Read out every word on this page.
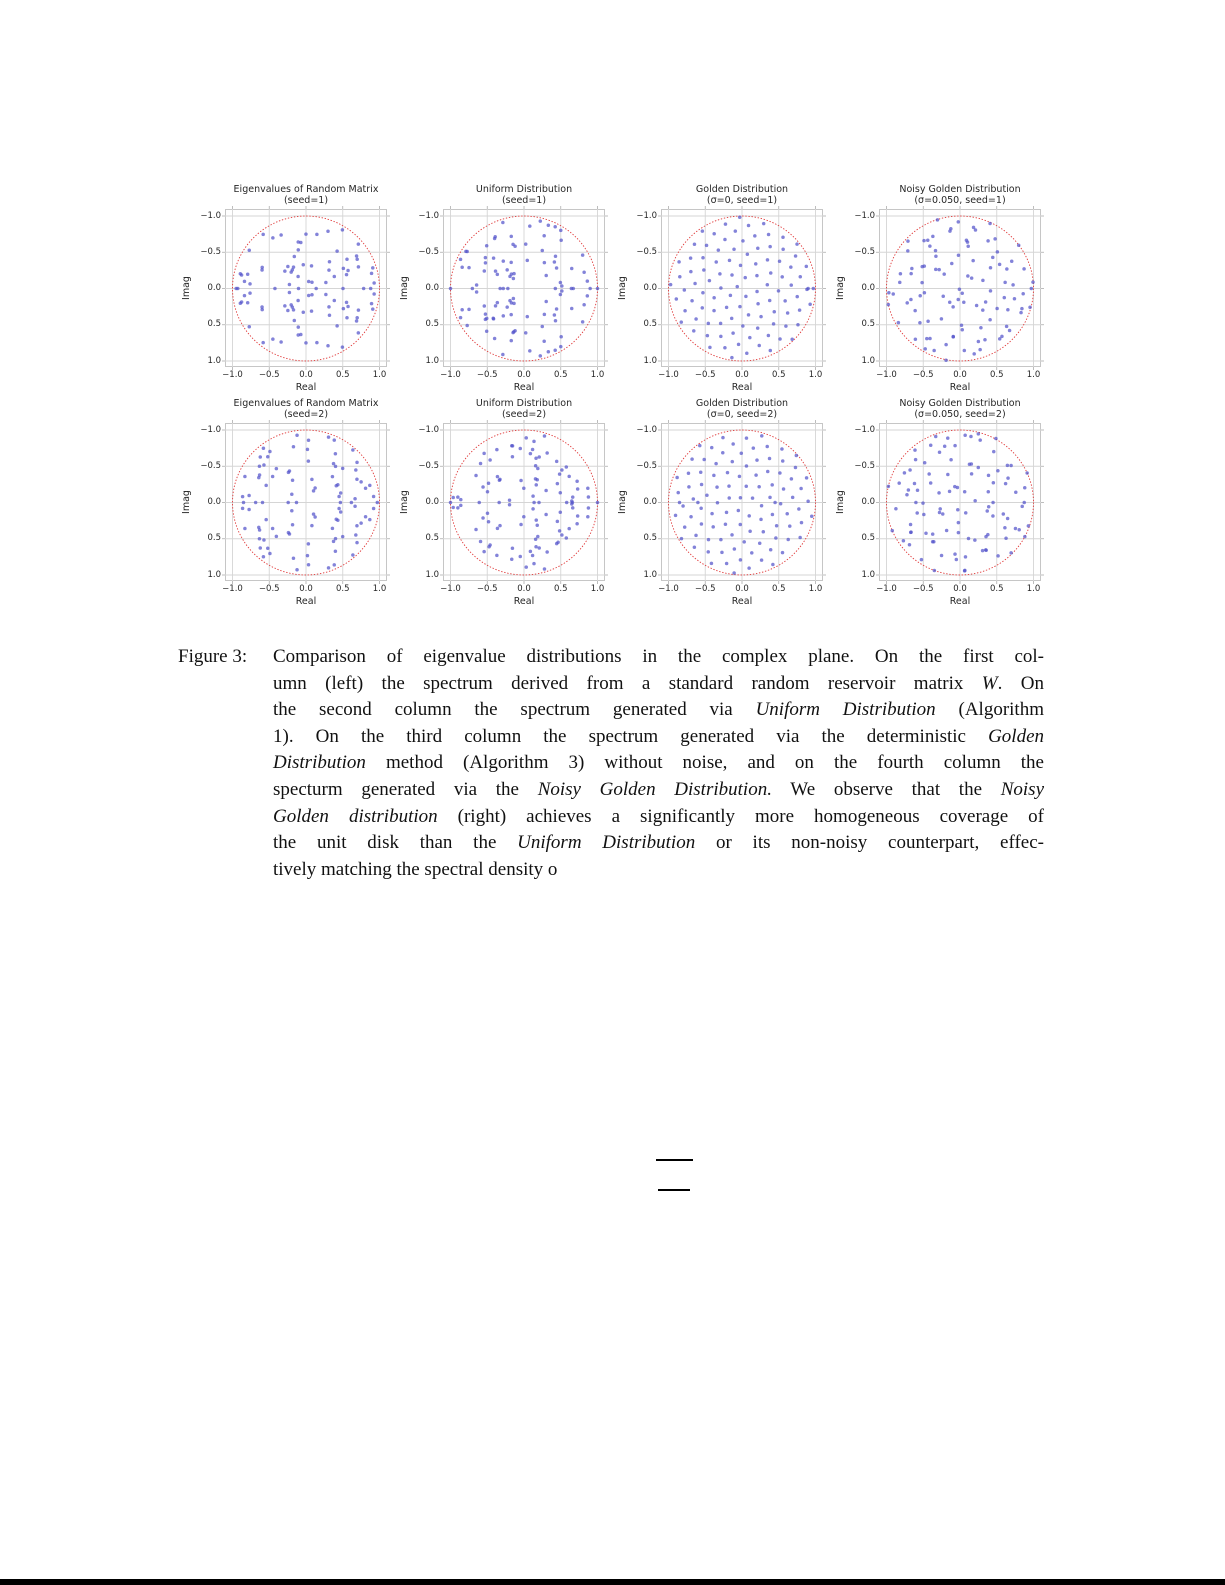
Eigenvalues of Random Matrix
(seed=1)
Imag
Real
1.0
−1.0
0.5
−0.5
0.0
0.0
−0.5
0.5
−1.0
1.0
Uniform Distribution
(seed=1)
Imag
Real
1.0
−1.0
0.5
−0.5
0.0
0.0
−0.5
0.5
−1.0
1.0
Golden Distribution
(σ=0, seed=1)
Imag
Real
1.0
−1.0
0.5
−0.5
0.0
0.0
−0.5
0.5
−1.0
1.0
Noisy Golden Distribution
(σ=0.050, seed=1)
Imag
Real
1.0
−1.0
0.5
−0.5
0.0
0.0
−0.5
0.5
−1.0
1.0
Eigenvalues of Random Matrix
(seed=2)
Imag
Real
1.0
−1.0
0.5
−0.5
0.0
0.0
−0.5
0.5
−1.0
1.0
Uniform Distribution
(seed=2)
Imag
Real
1.0
−1.0
0.5
−0.5
0.0
0.0
−0.5
0.5
−1.0
1.0
Golden Distribution
(σ=0, seed=2)
Imag
Real
1.0
−1.0
0.5
−0.5
0.0
0.0
−0.5
0.5
−1.0
1.0
Noisy Golden Distribution
(σ=0.050, seed=2)
Imag
Real
1.0
−1.0
0.5
−0.5
0.0
0.0
−0.5
0.5
−1.0
1.0
Figure 3:	Comparison of eigenvalue distributions in the complex plane. On the first col-
umn (left) the spectrum derived from a standard random reservoir matrix W. On
the second column the spectrum generated via Uniform Distribution (Algorithm
1). On the third column the spectrum generated via the deterministic Golden
Distribution method (Algorithm 3) without noise, and on the fourth column the
specturm generated via the Noisy Golden Distribution. We observe that the Noisy
Golden distribution (right) achieves a significantly more homogeneous coverage of
the unit disk than the Uniform Distribution or its non-noisy counterpart, effec-
tively matching the spectral density o
